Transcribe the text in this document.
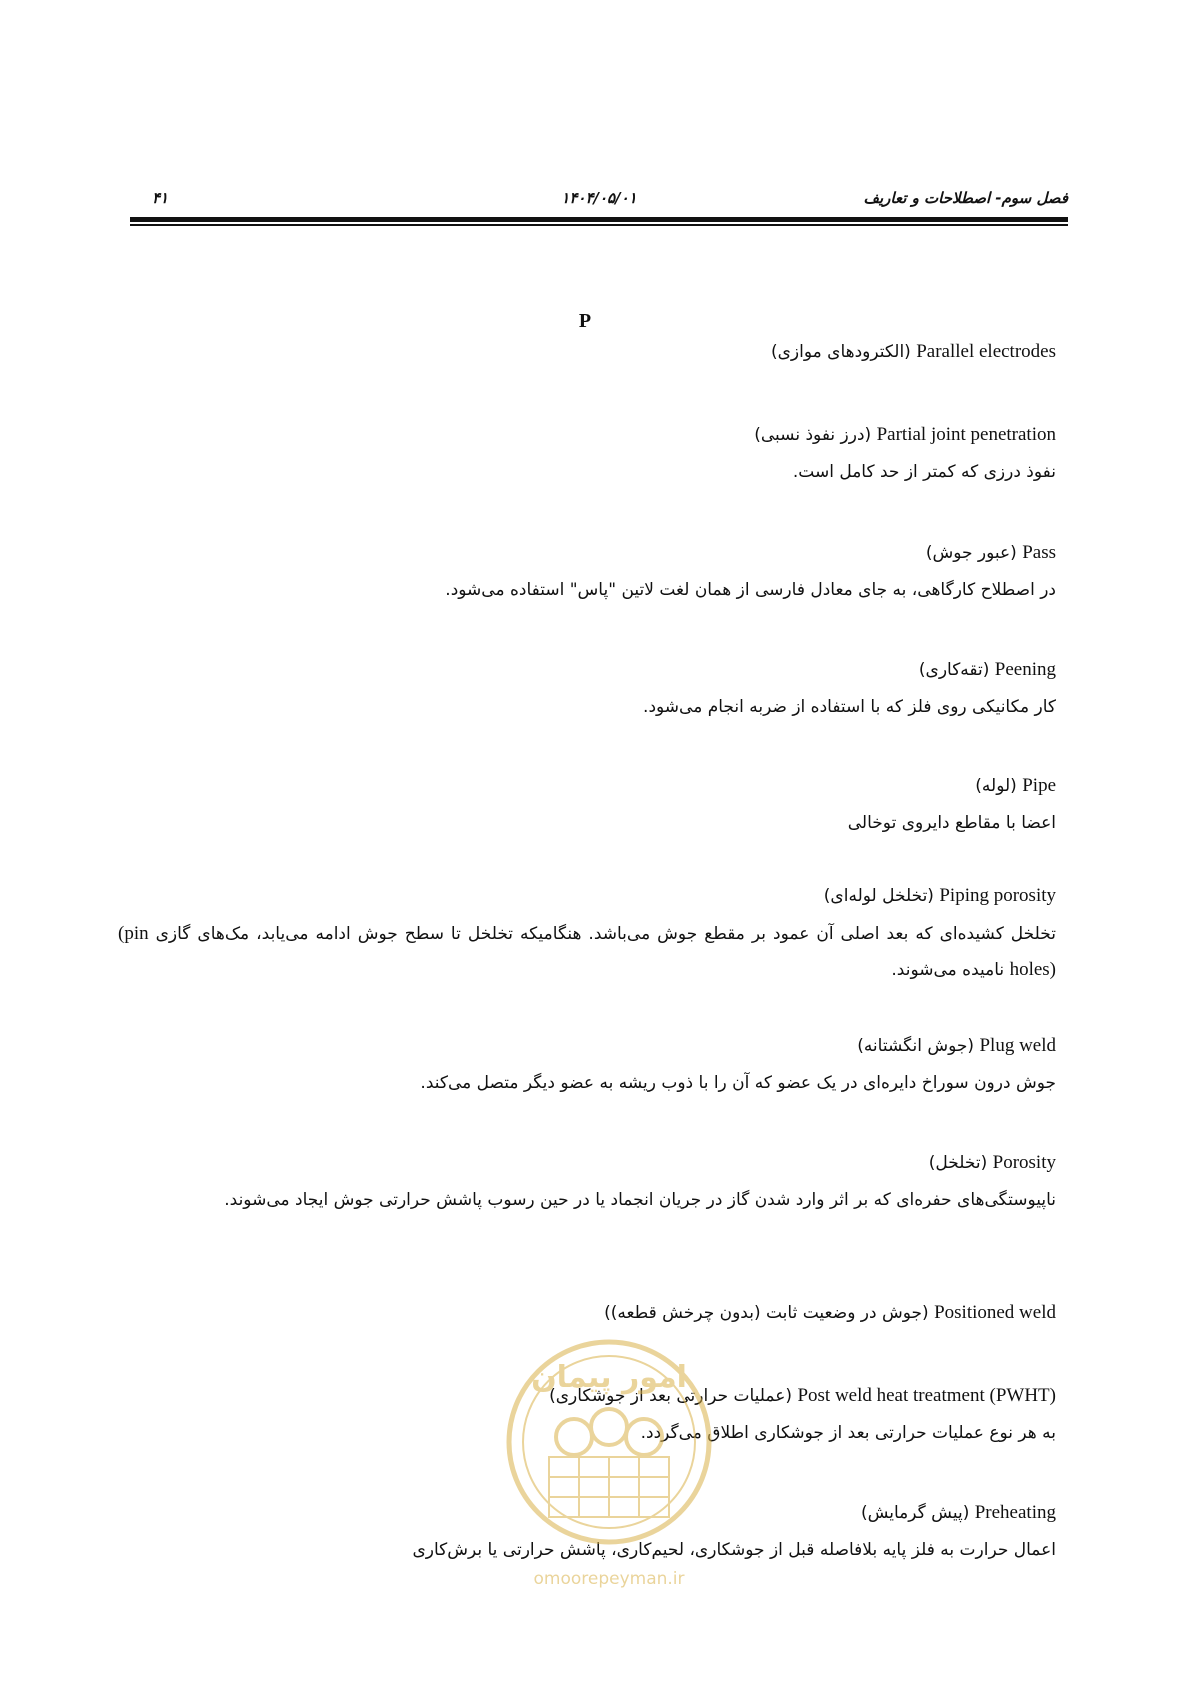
فصل سوم- اصطلاحات و تعاریف
۱۴۰۴/۰۵/۰۱
۴۱
P
Parallel electrodes (الکترودهای موازی)
Partial joint penetration (درز نفوذ نسبی)
نفوذ درزی که کمتر از حد کامل است.
Pass (عبور جوش)
در اصطلاح کارگاهی، به جای معادل فارسی از همان لغت لاتین "پاس" استفاده می‌شود.
Peening (تقه‌کاری)
کار مکانیکی روی فلز که با استفاده از ضربه انجام می‌شود.
Pipe (لوله)
اعضا با مقاطع دایروی توخالی
Piping porosity (تخلخل لوله‌ای)
تخلخل کشیده‌ای که بعد اصلی آن عمود بر مقطع جوش می‌باشد. هنگامیکه تخلخل تا سطح جوش ادامه می‌یابد، مک‌های گازی (pin holes) نامیده می‌شوند.
Plug weld (جوش انگشتانه)
جوش درون سوراخ دایره‌ای در یک عضو که آن را با ذوب ریشه به عضو دیگر متصل می‌کند.
Porosity (تخلخل)
ناپیوستگی‌های حفره‌ای که بر اثر وارد شدن گاز در جریان انجماد یا در حین رسوب پاشش حرارتی جوش ایجاد می‌شوند.
Positioned weld (جوش در وضعیت ثابت (بدون چرخش قطعه))
Post weld heat treatment (PWHT) (عملیات حرارتی بعد از جوشکاری)
به هر نوع عملیات حرارتی بعد از جوشکاری اطلاق می‌گردد.
Preheating (پیش گرمایش)
اعمال حرارت به فلز پایه بلافاصله قبل از جوشکاری، لحیم‌کاری، پاشش حرارتی یا برش‌کاری
امور پیمان
omoorepeyman.ir
